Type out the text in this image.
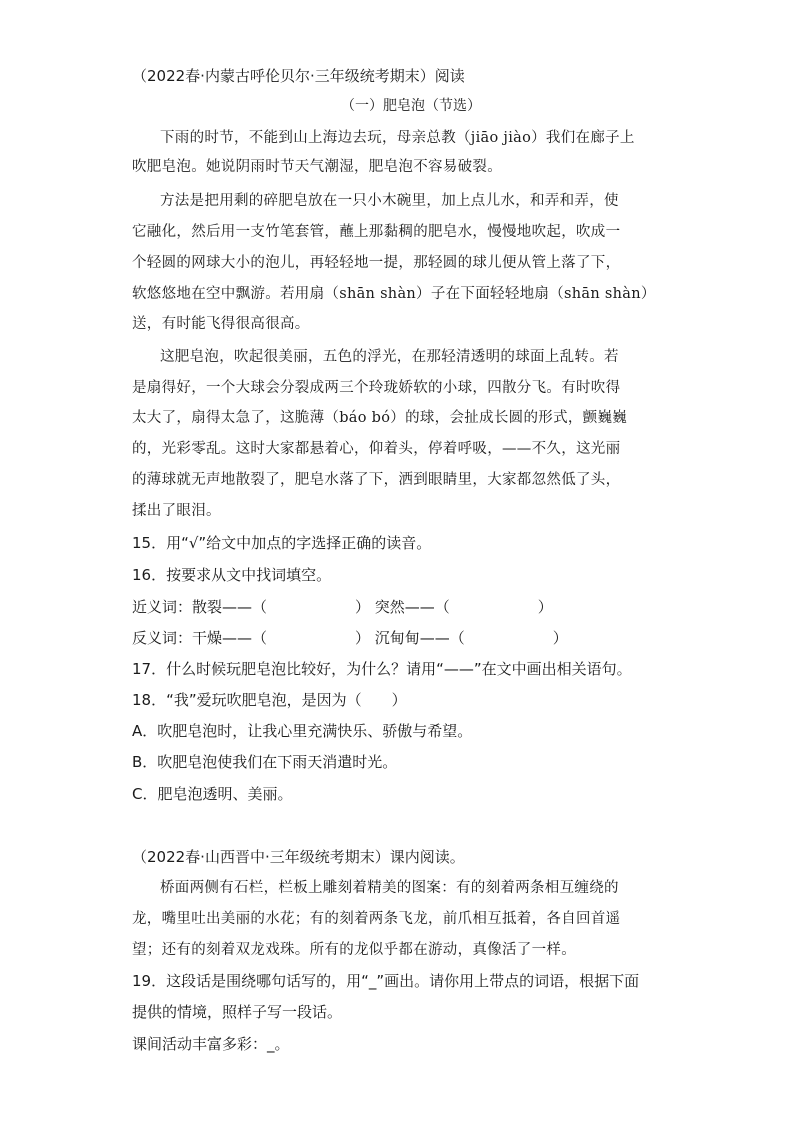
（2022春·内蒙古呼伦贝尔·三年级统考期末）阅读
（一）肥皂泡（节选）
下雨的时节，不能到山上海边去玩，母亲总教（jiāo jiào）我们在廊子上
吹肥皂泡。她说阴雨时节天气潮湿，肥皂泡不容易破裂。
方法是把用剩的碎肥皂放在一只小木碗里，加上点儿水，和弄和弄，使
它融化，然后用一支竹笔套管，蘸上那黏稠的肥皂水，慢慢地吹起，吹成一
个轻圆的网球大小的泡儿，再轻轻地一提，那轻圆的球儿便从管上落了下，
软悠悠地在空中飘游。若用扇（shān shàn）子在下面轻轻地扇（shān shàn）
送，有时能飞得很高很高。
这肥皂泡，吹起很美丽，五色的浮光，在那轻清透明的球面上乱转。若
是扇得好，一个大球会分裂成两三个玲珑娇软的小球，四散分飞。有时吹得
太大了，扇得太急了，这脆薄（báo bó）的球，会扯成长圆的形式，颤巍巍
的，光彩零乱。这时大家都悬着心，仰着头，停着呼吸，——不久，这光丽
的薄球就无声地散裂了，肥皂水落了下，洒到眼睛里，大家都忽然低了头，
揉出了眼泪。
15．用“√”给文中加点的字选择正确的读音。
16．按要求从文中找词填空。
近义词：散裂——（	） 突然——（	）
反义词：干燥——（	） 沉甸甸——（	）
17．什么时候玩肥皂泡比较好，为什么？请用“——”在文中画出相关语句。
18．“我”爱玩吹肥皂泡，是因为（　　）
A．吹肥皂泡时，让我心里充满快乐、骄傲与希望。
B．吹肥皂泡使我们在下雨天消遣时光。
C．肥皂泡透明、美丽。
（2022春·山西晋中·三年级统考期末）课内阅读。
桥面两侧有石栏，栏板上雕刻着精美的图案：有的刻着两条相互缠绕的
龙，嘴里吐出美丽的水花；有的刻着两条飞龙，前爪相互抵着，各自回首遥
望；还有的刻着双龙戏珠。所有的龙似乎都在游动，真像活了一样。
19．这段话是围绕哪句话写的，用“_”画出。请你用上带点的词语，根据下面
提供的情境，照样子写一段话。
课间活动丰富多彩：_。
